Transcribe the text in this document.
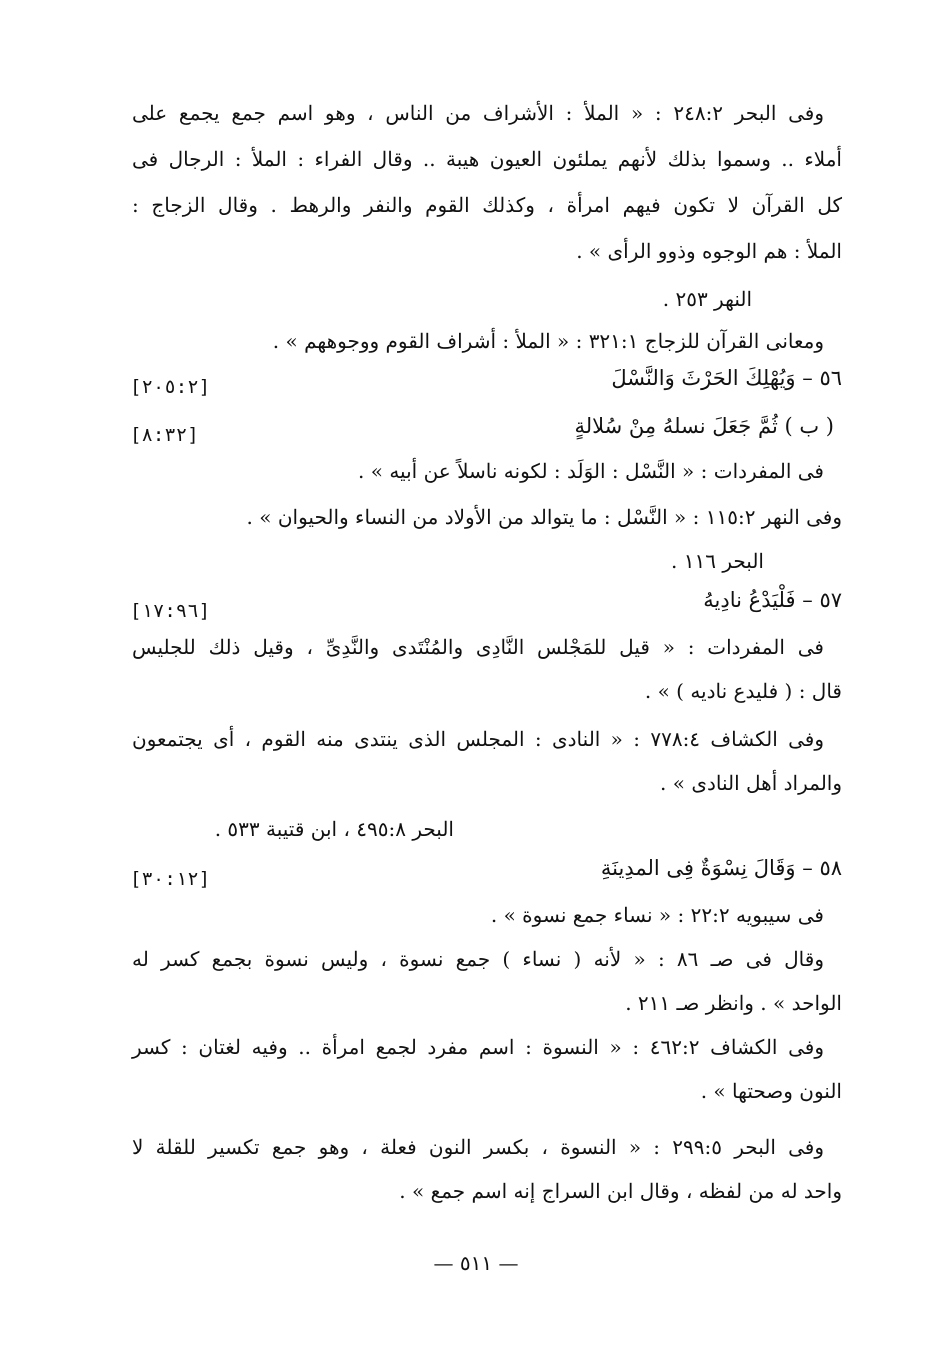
وفى البحر ٢٤٨:٢ : « الملأ : الأشراف من الناس ، وهو اسم جمع يجمع على
أملاء .. وسموا بذلك لأنهم يملئون العيون هيبة .. وقال الفراء : الملأ : الرجال فى
كل القرآن لا تكون فيهم امرأة ، وكذلك القوم والنفر والرهط . وقال الزجاج :
الملأ : هم الوجوه وذوو الرأى » .
النهر ٢٥٣ .
ومعانى القرآن للزجاج ٣٢١:١ : « الملأ : أشراف القوم ووجوههم » .
٥٦ – وَيُهْلِكَ الحَرْثَ وَالنَّسْلَ
[٢٠٥:٢]
( ب ) ثُمَّ جَعَلَ نسلهُ مِنْ سُلالةٍ
[٨:٣٢]
فى المفردات : « النَّسْل : الوَلَد : لكونه ناسلاً عن أبيه » .
وفى النهر ١١٥:٢ : « النَّسْل : ما يتوالد من الأولاد من النساء والحيوان » .
البحر ١١٦ .
٥٧ – فَلْيَدْعُ نادِيهُ
[١٧:٩٦]
فى المفردات : « قيل للمَجْلس النَّادِى والمُنْتَدى والنَّدِىِّ ، وقيل ذلك للجليس
قال : ( فليدع ناديه ) » .
وفى الكشاف ٧٧٨:٤ : « النادى : المجلس الذى ينتدى منه القوم ، أى يجتمعون
والمراد أهل النادى » .
البحر ٤٩٥:٨ ، ابن قتيبة ٥٣٣ .
٥٨ – وَقَالَ نِسْوَةٌ فِى المدِينَةِ
[٣٠:١٢]
فى سيبويه ٢٢:٢ : « نساء جمع نسوة » .
وقال فى صـ ٨٦ : « لأنه ( نساء ) جمع نسوة ، وليس نسوة بجمع كسر له
الواحد » . وانظر صـ ٢١١ .
وفى الكشاف ٤٦٢:٢ : « النسوة : اسم مفرد لجمع امرأة .. وفيه لغتان : كسر
النون وصحتها » .
وفى البحر ٢٩٩:٥ : « النسوة ، بكسر النون فعلة ، وهو جمع تكسير للقلة لا
واحد له من لفظه ، وقال ابن السراج إنه اسم جمع » .
— ٥١١ —
